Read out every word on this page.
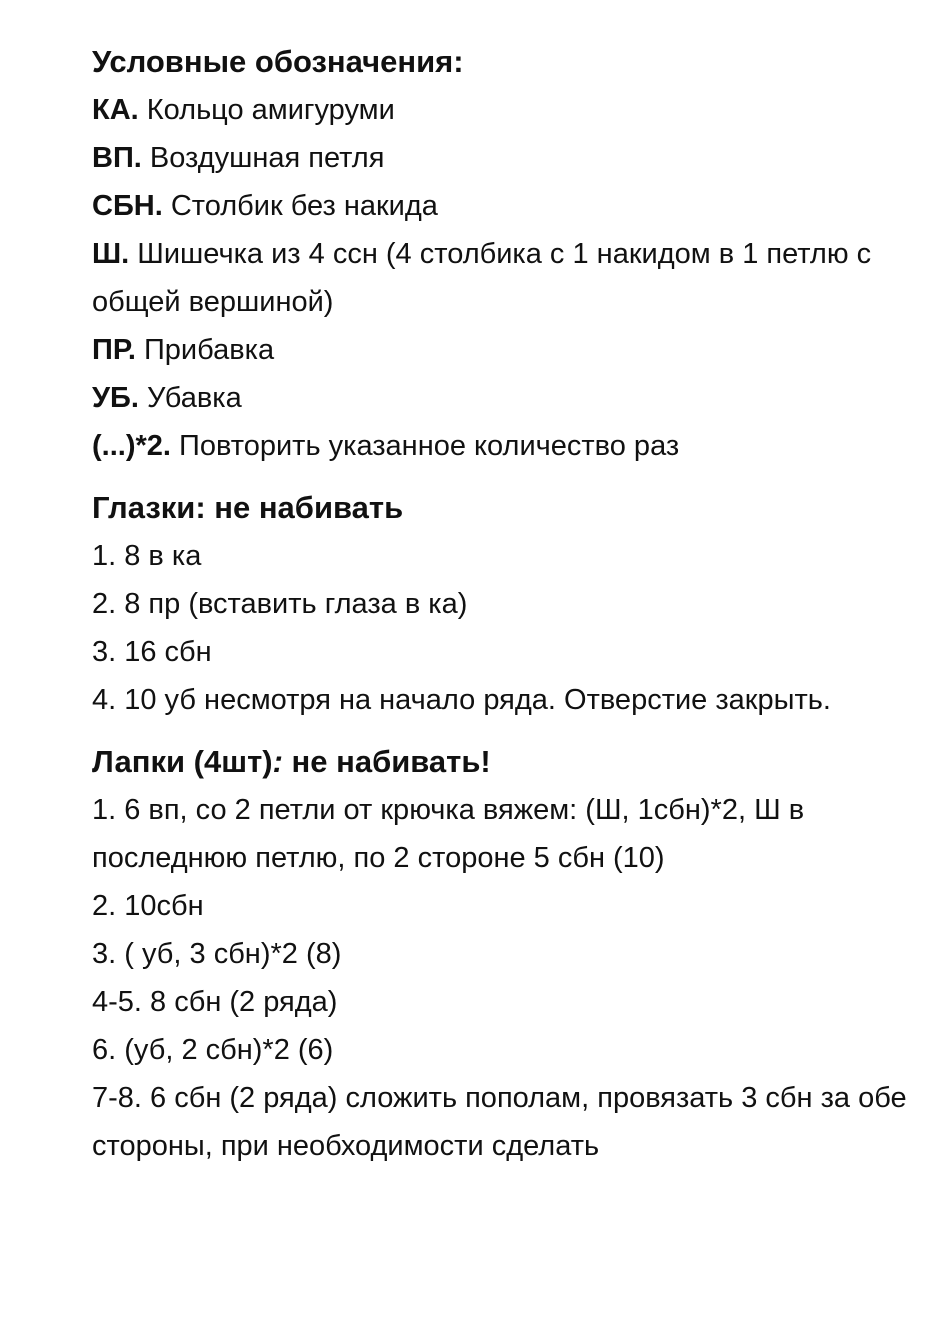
Условные обозначения:

КА. Кольцо амигуруми

ВП. Воздушная петля

СБН. Столбик без накида

Ш. Шишечка из 4 ссн (4 столбика с 1 накидом в 1 петлю с общей вершиной)

ПР. Прибавка

УБ. Убавка

(...)*2. Повторить указанное количество раз

Глазки: не набивать

1. 8 в ка

2. 8 пр (вставить глаза в ка)

3. 16 сбн

4. 10 уб несмотря на начало ряда. Отверстие закрыть.

Лапки (4шт): не набивать!

1. 6 вп, со 2 петли от крючка вяжем: (Ш, 1сбн)*2, Ш в последнюю петлю, по 2 стороне 5 сбн (10)

2. 10сбн

3. ( уб, 3 сбн)*2 (8)

4-5. 8 сбн (2 ряда)

6. (уб, 2 сбн)*2 (6)

7-8. 6 сбн (2 ряда) сложить пополам, провязать 3 сбн за обе стороны, при необходимости сделать
